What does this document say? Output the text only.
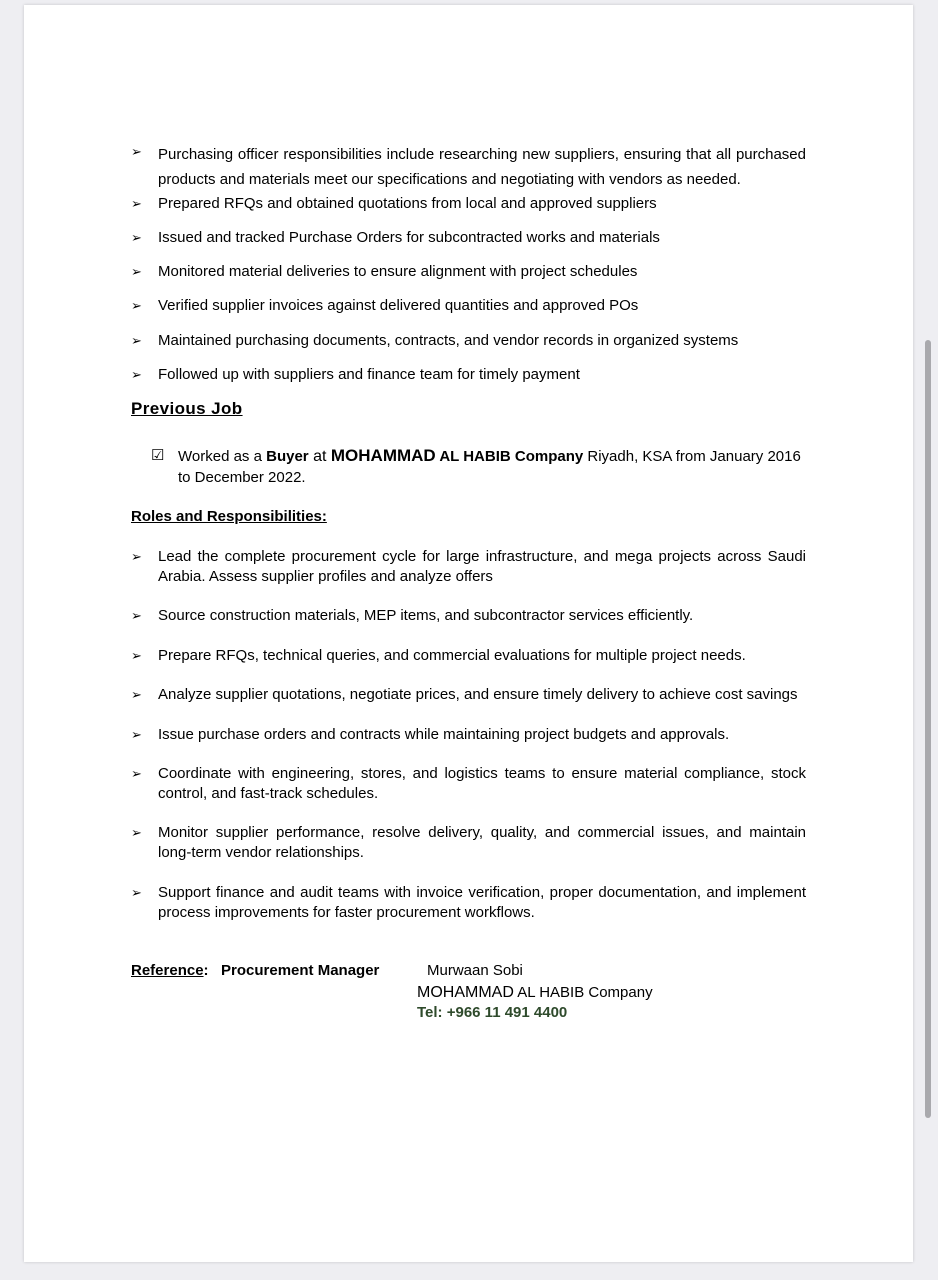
➢ Purchasing officer responsibilities include researching new suppliers, ensuring that all purchased products and materials meet our specifications and negotiating with vendors as needed.
➢ Prepared RFQs and obtained quotations from local and approved suppliers
➢ Issued and tracked Purchase Orders for subcontracted works and materials
➢ Monitored material deliveries to ensure alignment with project schedules
➢ Verified supplier invoices against delivered quantities and approved POs
➢ Maintained purchasing documents, contracts, and vendor records in organized systems
➢ Followed up with suppliers and finance team for timely payment
Previous Job
☑ Worked as a Buyer at MOHAMMAD AL HABIB Company Riyadh, KSA from January 2016 to December 2022.
Roles and Responsibilities:
➢ Lead the complete procurement cycle for large infrastructure, and mega projects across Saudi Arabia. Assess supplier profiles and analyze offers
➢ Source construction materials, MEP items, and subcontractor services efficiently.
➢ Prepare RFQs, technical queries, and commercial evaluations for multiple project needs.
➢ Analyze supplier quotations, negotiate prices, and ensure timely delivery to achieve cost savings
➢ Issue purchase orders and contracts while maintaining project budgets and approvals.
➢ Coordinate with engineering, stores, and logistics teams to ensure material compliance, stock control, and fast-track schedules.
➢ Monitor supplier performance, resolve delivery, quality, and commercial issues, and maintain long-term vendor relationships.
➢ Support finance and audit teams with invoice verification, proper documentation, and implement process improvements for faster procurement workflows.
Reference: Procurement Manager	Murwaan Sobi
MOHAMMAD AL HABIB Company
Tel: +966 11 491 4400
